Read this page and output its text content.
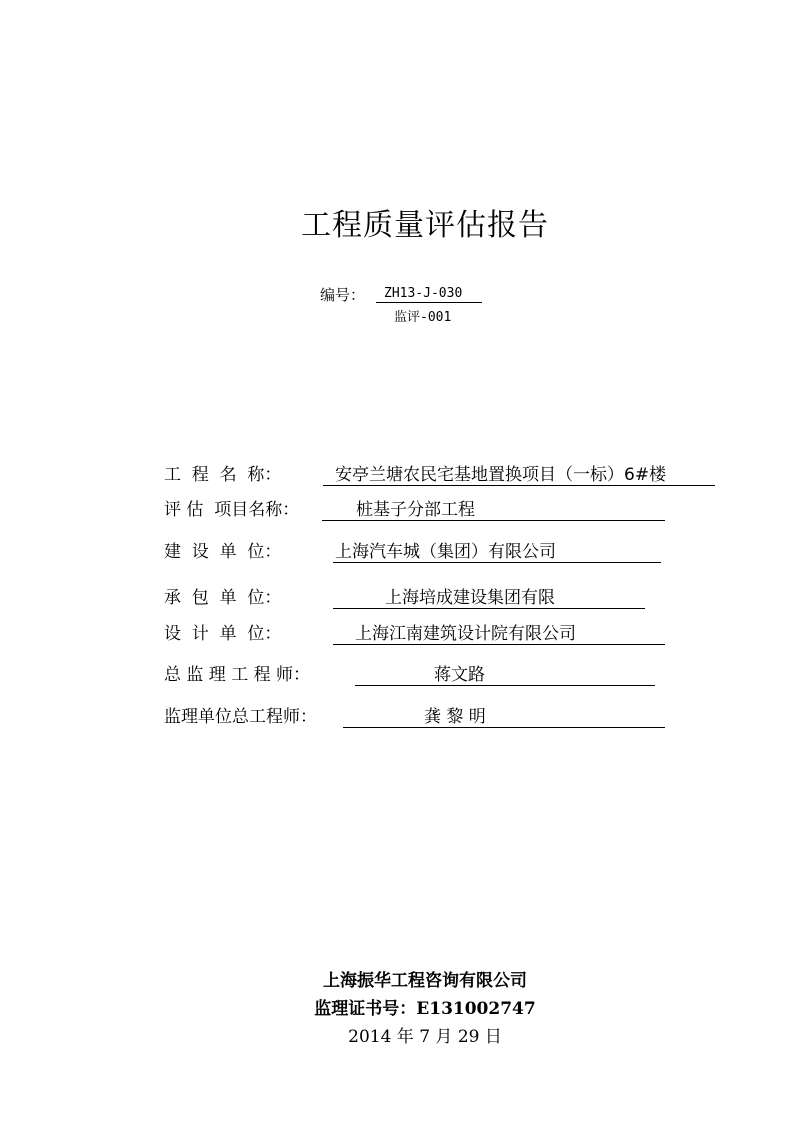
工程质量评估报告
编号：	ZH13-J-030
监评-001
工  程  名  称：	安亭兰塘农民宅基地置换项目（一标）6#楼
评 估  项目名称：	桩基子分部工程
建  设  单  位：	上海汽车城（集团）有限公司
承  包  单  位：	上海培成建设集团有限
设  计  单  位：	上海江南建筑设计院有限公司
总 监 理 工 程 师：	蒋文路
监理单位总工程师：	龚 黎 明
上海振华工程咨询有限公司
监理证书号：E131002747
2014 年 7 月 29 日
